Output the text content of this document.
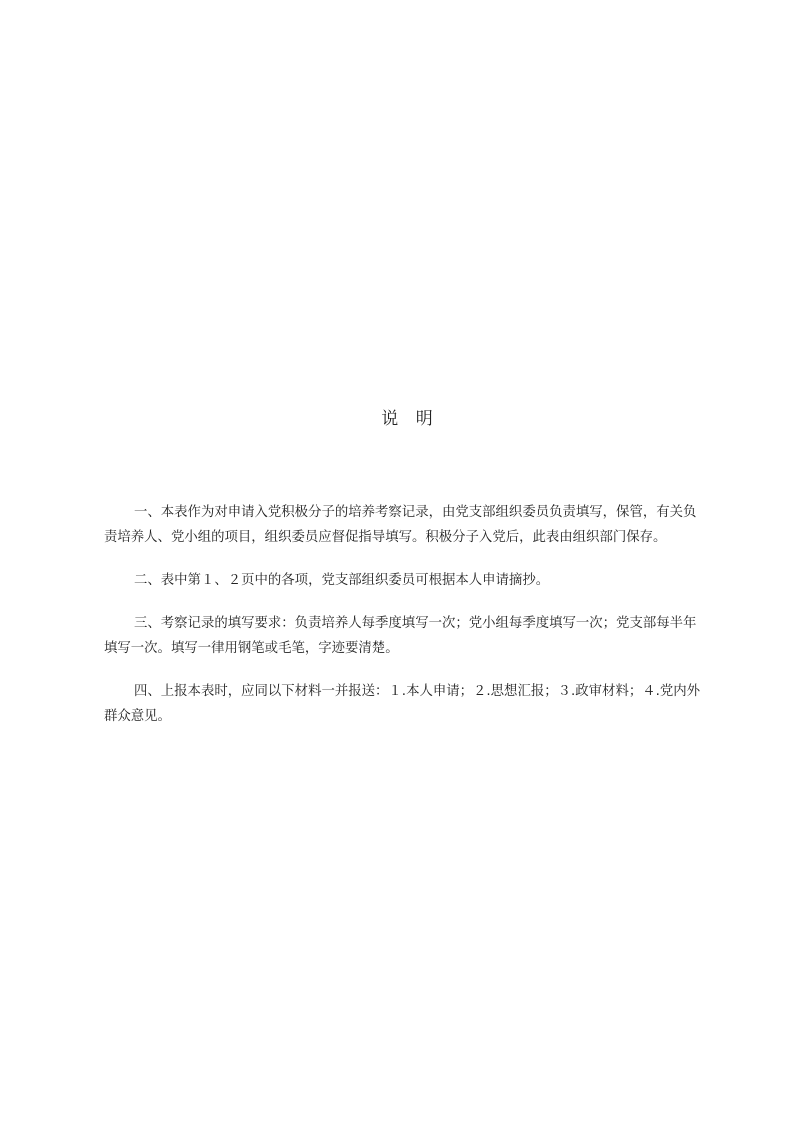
说 明

一、本表作为对申请入党积极分子的培养考察记录，由党支部组织委员负责填写，保管，有关负责培养人、党小组的项目，组织委员应督促指导填写。积极分子入党后，此表由组织部门保存。

二、表中第１、２页中的各项，党支部组织委员可根据本人申请摘抄。

三、考察记录的填写要求：负责培养人每季度填写一次；党小组每季度填写一次；党支部每半年填写一次。填写一律用钢笔或毛笔，字迹要清楚。

四、上报本表时，应同以下材料一并报送：１.本人申请；２.思想汇报；３.政审材料；４.党内外群众意见。
